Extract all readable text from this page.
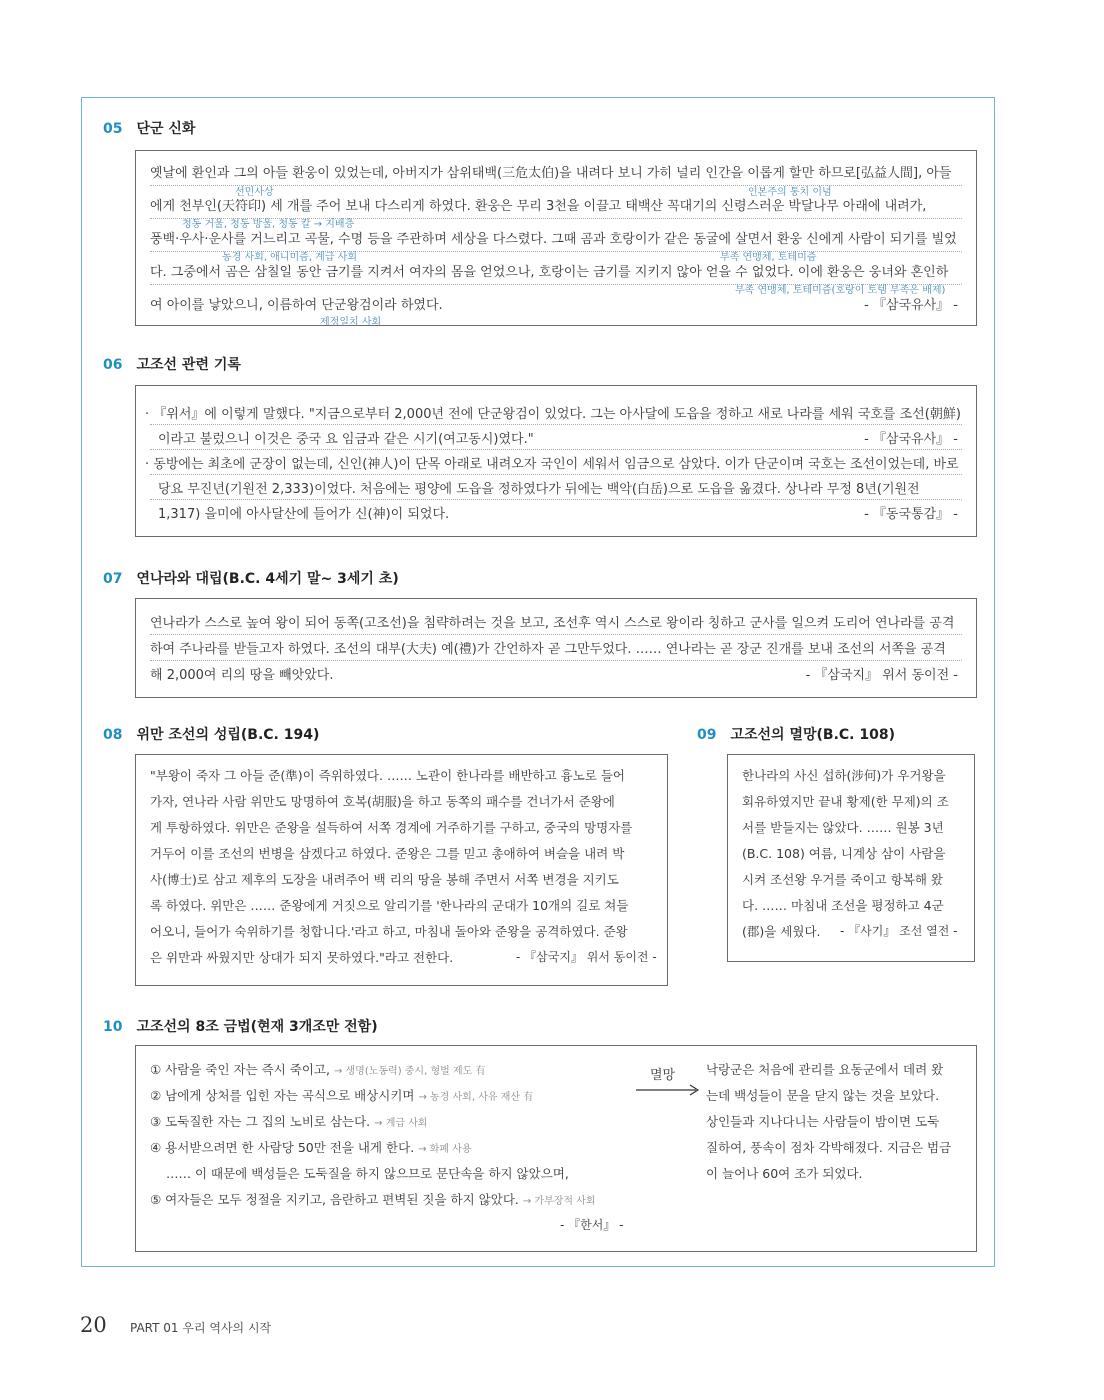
05 단군 신화
옛날에 환인과 그의 아들 환웅이 있었는데, 아버지가 삼위태백(三危太伯)을 내려다 보니 가히 널리 인간을 이롭게 할만 하므로[弘益人間], 아들
선민사상	인본주의 통치 이념
에게 천부인(天符印) 세 개를 주어 보내 다스리게 하였다. 환웅은 무리 3천을 이끌고 태백산 꼭대기의 신령스러운 박달나무 아래에 내려가,
청동 거울, 청동 방울, 청동 칼 → 지배층
풍백·우사·운사를 거느리고 곡물, 수명 등을 주관하며 세상을 다스렸다. 그때 곰과 호랑이가 같은 동굴에 살면서 환웅 신에게 사람이 되기를 빌었
농경 사회, 애니미즘, 계급 사회	부족 연맹체, 토테미즘
다. 그중에서 곰은 삼칠일 동안 금기를 지켜서 여자의 몸을 얻었으나, 호랑이는 금기를 지키지 않아 얻을 수 없었다. 이에 환웅은 웅녀와 혼인하
부족 연맹체, 토테미즘(호랑이 토템 부족은 배제)
여 아이를 낳았으니, 이름하여 단군왕검이라 하였다.	- 『삼국유사』 -
제정일치 사회
06 고조선 관련 기록
· 『위서』에 이렇게 말했다. "지금으로부터 2,000년 전에 단군왕검이 있었다. 그는 아사달에 도읍을 정하고 새로 나라를 세워 국호를 조선(朝鮮)
이라고 불렀으니 이것은 중국 요 임금과 같은 시기(여고동시)였다."	- 『삼국유사』 -
· 동방에는 최초에 군장이 없는데, 신인(神人)이 단목 아래로 내려오자 국인이 세워서 임금으로 삼았다. 이가 단군이며 국호는 조선이었는데, 바로
당요 무진년(기원전 2,333)이었다. 처음에는 평양에 도읍을 정하였다가 뒤에는 백악(白岳)으로 도읍을 옮겼다. 상나라 무정 8년(기원전
1,317) 을미에 아사달산에 들어가 신(神)이 되었다.	- 『동국통감』 -
07 연나라와 대립(B.C. 4세기 말~ 3세기 초)
연나라가 스스로 높여 왕이 되어 동쪽(고조선)을 침략하려는 것을 보고, 조선후 역시 스스로 왕이라 칭하고 군사를 일으켜 도리어 연나라를 공격
하여 주나라를 받들고자 하였다. 조선의 대부(大夫) 예(禮)가 간언하자 곧 그만두었다. …… 연나라는 곧 장군 진개를 보내 조선의 서쪽을 공격
해 2,000여 리의 땅을 빼앗았다.	- 『삼국지』 위서 동이전 -
08 위만 조선의 성립(B.C. 194)
"부왕이 죽자 그 아들 준(準)이 즉위하였다. …… 노관이 한나라를 배반하고 흉노로 들어
가자, 연나라 사람 위만도 망명하여 호복(胡服)을 하고 동쪽의 패수를 건너가서 준왕에
게 투항하였다. 위만은 준왕을 설득하여 서쪽 경계에 거주하기를 구하고, 중국의 망명자를
거두어 이를 조선의 번병을 삼겠다고 하였다. 준왕은 그를 믿고 총애하여 벼슬을 내려 박
사(博士)로 삼고 제후의 도장을 내려주어 백 리의 땅을 봉해 주면서 서쪽 변경을 지키도
록 하였다. 위만은 …… 준왕에게 거짓으로 알리기를 '한나라의 군대가 10개의 길로 쳐들
어오니, 들어가 숙위하기를 청합니다.'라고 하고, 마침내 돌아와 준왕을 공격하였다. 준왕
은 위만과 싸웠지만 상대가 되지 못하였다."라고 전한다.	- 『삼국지』 위서 동이전 -
09 고조선의 멸망(B.C. 108)
한나라의 사신 섭하(涉何)가 우거왕을
회유하였지만 끝내 황제(한 무제)의 조
서를 받들지는 않았다. …… 원봉 3년
(B.C. 108) 여름, 니계상 삼이 사람을
시켜 조선왕 우거를 죽이고 항복해 왔
다. …… 마침내 조선을 평정하고 4군
(郡)을 세웠다. - 『사기』 조선 열전 -
10 고조선의 8조 금법(현재 3개조만 전함)
① 사람을 죽인 자는 즉시 죽이고, → 생명(노동력) 중시, 형벌 제도 有
② 남에게 상처를 입힌 자는 곡식으로 배상시키며 → 농경 사회, 사유 재산 有
③ 도둑질한 자는 그 집의 노비로 삼는다. → 계급 사회
④ 용서받으려면 한 사람당 50만 전을 내게 한다. → 화폐 사용
…… 이 때문에 백성들은 도둑질을 하지 않으므로 문단속을 하지 않았으며,
⑤ 여자들은 모두 정절을 지키고, 음란하고 편벽된 짓을 하지 않았다. → 가부장적 사회
- 『한서』 -
멸망 낙랑군은 처음에 관리를 요동군에서 데려 왔
는데 백성들이 문을 닫지 않는 것을 보았다.
상인들과 지나다니는 사람들이 밤이면 도둑
질하여, 풍속이 점차 각박해졌다. 지금은 범금
이 늘어나 60여 조가 되었다.
20 PART 01 우리 역사의 시작
